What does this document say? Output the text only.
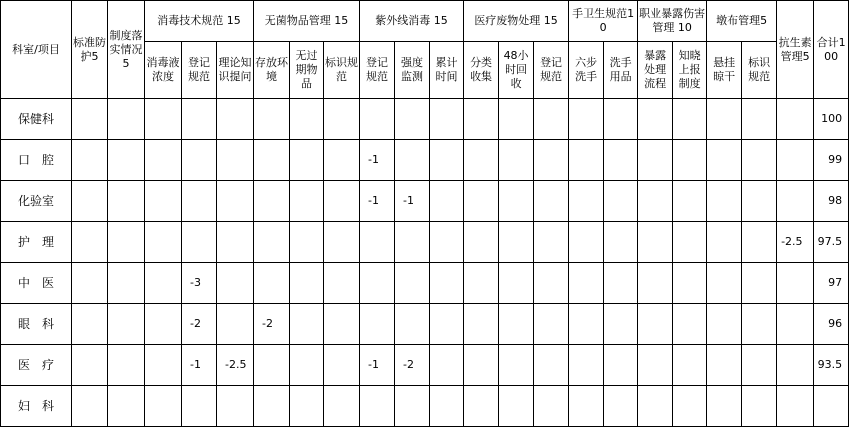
科室/项目	标准防护5	制度落实情况5	消毒技术规范 15			无菌物品管理 15			紫外线消毒 15			医疗废物处理 15			手卫生规范10		职业暴露伤害管理 10		墩布管理5		抗生素管理5	合计100
			消毒液浓度	登记规范	理论知识提问	存放环境	无过期物品	标识规范	登记规范	强度监测	累计时间	分类收集	48小时回收	登记规范	六步洗手	洗手用品	暴露处理流程	知晓上报制度	悬挂晾干	标识规范		
保健科																						100
口　腔									-1													99
化验室									-1	-1												98
护　理																					-2.5	97.5
中　医				-3																		97
眼　科				-2		-2																96
医　疗				-1	-2.5				-1	-2												93.5
妇　科																						
